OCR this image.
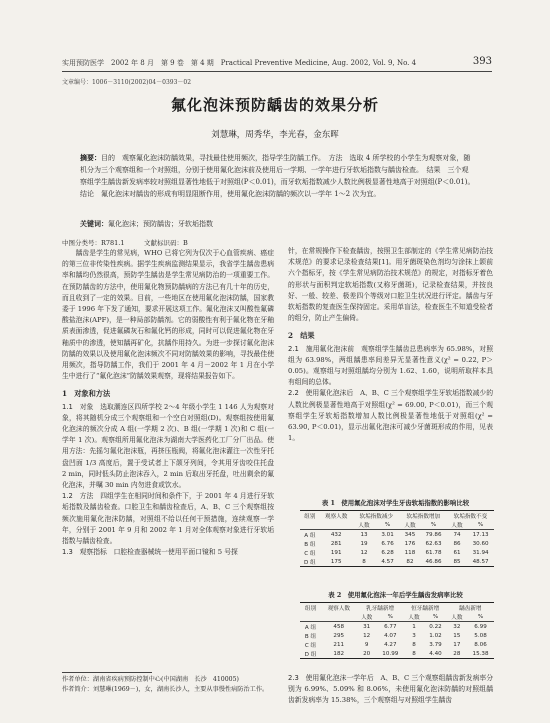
实用预防医学　2002 年 8 月　第 9 卷　第 4 期　Practical Preventive Medicine, Aug. 2002, Vol. 9, No. 4	393
文章编号：1006－3110(2002)04－0393－02
氟化泡沫预防龋齿的效果分析
刘慧琳，周秀华，李光春，金东晖
摘要：目的　观察氟化泡沫防龋效果，寻找最佳使用频次，指导学生防龋工作。　方法　选取 4 所学校的小学生为观察对象，随机分为三个观察组和一个对照组，分别于使用氟化泡沫前及使用后一学期、一学年进行牙软垢指数与龋齿检查。　结果　三个观察组学生龋齿新发病率较对照组显著性地低于对照组(P＜0.01)，而牙软垢指数减少人数比例极显著性地高于对照组(P＜0.01)。　结论　氟化泡沫对龋齿的形成有明显阻断作用，使用氟化泡沫防龋的频次以一学年 1～2 次为宜。
关键词：氟化泡沫；预防龋齿；牙软垢指数
中图分类号：R781.1　　　文献标识码：B
龋齿是学生的常见病，WHO 已将它列为仅次于心血管疾病、癌症的第三位非传染性疾病。据学生疾病监测结果显示，我省学生龋齿患病率和龋均仍然很高，预防学生龋齿是学生常见病防治的一项重要工作。在预防龋齿的方法中，使用氟化物预防龋病的方法已有几十年的历史，而且收到了一定的效果。目前，一些地区在使用氟化泡沫防龋，国家教委于 1996 年下发了通知，要求开展这项工作。氟化泡沫又叫酸性氟磷酸盐泡沫(APF)，是一种局部防龋剂。它的弱酸性有利于氟化物在牙釉质表面渗透，促进氟磷灰石和氟化钙的形成，同时可以促进氟化物在牙釉质中的渗透，使知龋再矿化，抗龋作用持久。为进一步探讨氟化泡沫防龋的效果以及使用氟化泡沫频次不同对防龋效果的影响，寻找最佳使用频次，指导防龋工作，我们于 2001 年 4 月－2002 年 1 月在小学生中进行了“氟化泡沫”防龋效果观察，现将结果报告如下。
1　对象和方法
1.1　对象　 选取潮连区四所学校 2～4 年级小学生 1 146 人为观察对象，将其随机分成三个观察组和一个空白对照组(D)。观察组按使用氟化泡沫的频次分成 A 组(一学期 2 次)、B 组(一学期 1 次)和 C 组(一学年 1 次)。观察组所用氟化泡沫为湖南大学医药化工厂分厂出品。使用方法：先摇匀氟化泡沫瓶，再挤压瓶阀，将氟化泡沫灌注一次性牙托盘凹面 1/3 高度后，置于受试者上下颌牙列间，令其用牙齿咬住托盘 2 min，同时低头防止泡沫吞入，2 min 后取出牙托盘，吐出剩余的氟化泡沫，并嘱 30 min 内勿进食或饮水。
1.2　方法　 四组学生在相同时间和条件下，于 2001 年 4 月进行牙软垢指数及龋齿检查。口腔卫生和龋齿检查后，A、B、C 三个观察组按频次施用氟化泡沫防龋，对照组不给以任何干预措施，连续观察一学年，分别于 2001 年 9 月和 2002 年 1 月对全体观察对象进行牙软垢指数与龋齿检查。
1.3　观察指标　 口腔检查器械统一使用平面口镜和 5 号探
作者单位：湖南省疾病预防控制中心(中国湖南　长沙　410005)
作者简介：刘慧琳(1969－)，女，湖南长沙人，主要从事慢性病防治工作。
针，在常规操作下检查龋齿，按照卫生部制定的《学生常见病防治技术规范》的要求记录检查结果[1]。用牙菌斑染色剂均匀涂抹上颌前六个指标牙，按《学生常见病防治技术规范》的规定，对指标牙着色的形状与面积判定软垢指数(又称牙菌斑)，记录检查结果，并按良好、一般、较差、极差四个等级对口腔卫生状况进行评定。龋齿与牙软垢指数的复查医生保持固定。采用单盲法，检查医生不知道受检者的组分，防止产生偏倚。
2　结果
2.1　施用氟化泡沫前　 观察组学生龋齿总患病率为 65.98%，对照组为 63.98%，两组龋患率间差异无显著性意义(χ² = 0.22, P＞0.05)。观察组与对照组龋均分别为 1.62、1.60，说明所取样本具有组间的总体。
2.2　使用氟化泡沫后　 A、B、C 三个观察组学生牙软垢指数减少的人数比例极显著性地高于对照组(χ² = 69.00, P＜0.01)，而三个观察组学生牙软垢指数增加人数比例极显著性地低于对照组(χ² = 63.90, P＜0.01)，显示出氟化泡沫可减少牙菌斑形成的作用，见表 1。
表 1　使用氟化泡沫对学生牙齿软垢指数的影响比较
组别	观察人数	软垢指数减少		软垢指数增加		软垢指数不变	
		人数	%	人数	%	人数	%
A 组	432	13	3.01	345	79.86	74	17.13
B 组	281	19	6.76	176	62.63	86	30.60
C 组	191	12	6.28	118	61.78	61	31.94
D 组	175	8	4.57	82	46.86	85	48.57
表 2　使用氟化泡沫一年后学生龋齿发病率比较
组别	观察人数	乳牙龋新增		恒牙龋新增		龋齿新增	
		人数	%	人数	%	人数	%
A 组	458	31	6.77	1	0.22	32	6.99
B 组	295	12	4.07	3	1.02	15	5.08
C 组	211	9	4.27	8	3.79	17	8.06
D 组	182	20	10.99	8	4.40	28	15.38
2.3　使用氟化泡沫一学年后　 A、B、C 三个观察组龋齿新发病率分别为 6.99%、5.09% 和 8.06%，未使用氟化泡沫防龋的对照组龋齿新发病率为 15.38%，三个观察组与对照组学生龋齿
